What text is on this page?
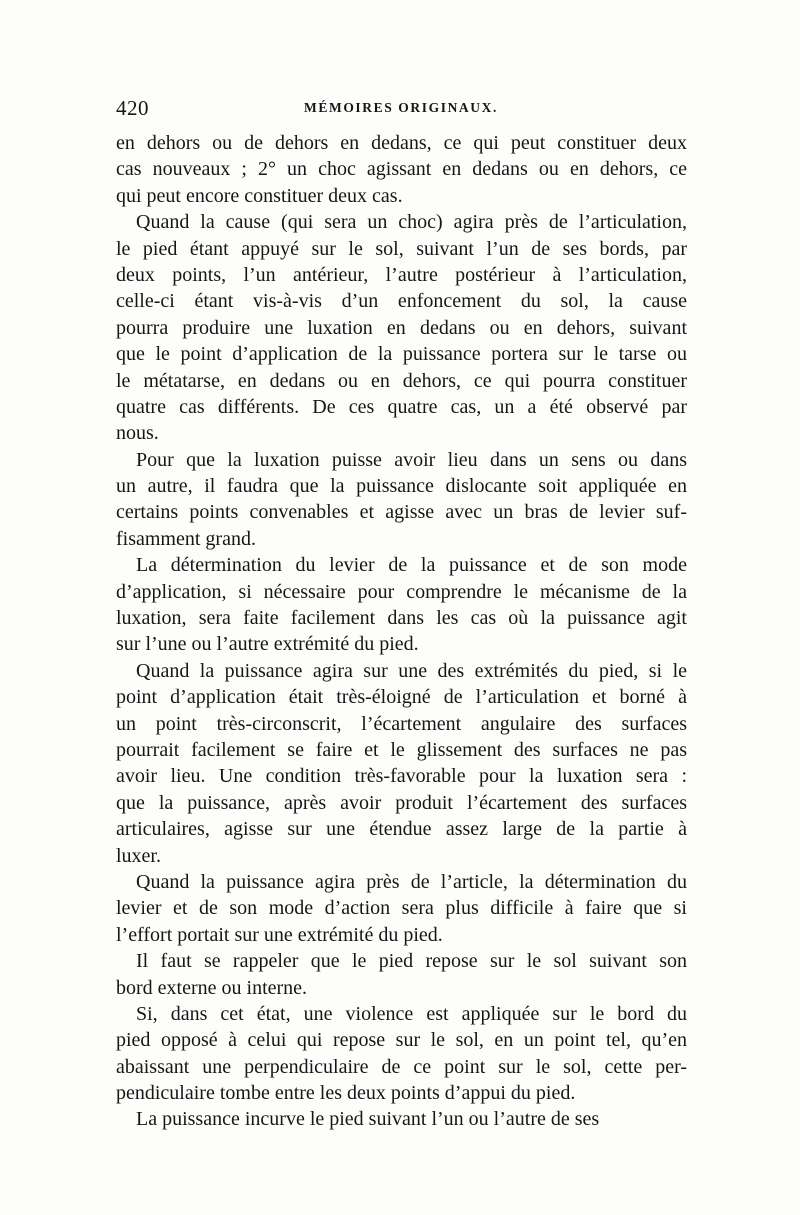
420	MÉMOIRES ORIGINAUX.
en dehors ou de dehors en dedans, ce qui peut constituer deux
cas nouveaux ; 2° un choc agissant en dedans ou en dehors, ce
qui peut encore constituer deux cas.
Quand la cause (qui sera un choc) agira près de l’articulation,
le pied étant appuyé sur le sol, suivant l’un de ses bords, par
deux points, l’un antérieur, l’autre postérieur à l’articulation,
celle-ci étant vis-à-vis d’un enfoncement du sol, la cause
pourra produire une luxation en dedans ou en dehors, suivant
que le point d’application de la puissance portera sur le tarse ou
le métatarse, en dedans ou en dehors, ce qui pourra constituer
quatre cas différents. De ces quatre cas, un a été observé par
nous.
Pour que la luxation puisse avoir lieu dans un sens ou dans
un autre, il faudra que la puissance dislocante soit appliquée en
certains points convenables et agisse avec un bras de levier suf-
fisamment grand.
La détermination du levier de la puissance et de son mode
d’application, si nécessaire pour comprendre le mécanisme de la
luxation, sera faite facilement dans les cas où la puissance agit
sur l’une ou l’autre extrémité du pied.
Quand la puissance agira sur une des extrémités du pied, si le
point d’application était très-éloigné de l’articulation et borné à
un point très-circonscrit, l’écartement angulaire des surfaces
pourrait facilement se faire et le glissement des surfaces ne pas
avoir lieu. Une condition très-favorable pour la luxation sera :
que la puissance, après avoir produit l’écartement des surfaces
articulaires, agisse sur une étendue assez large de la partie à
luxer.
Quand la puissance agira près de l’article, la détermination du
levier et de son mode d’action sera plus difficile à faire que si
l’effort portait sur une extrémité du pied.
Il faut se rappeler que le pied repose sur le sol suivant son
bord externe ou interne.
Si, dans cet état, une violence est appliquée sur le bord du
pied opposé à celui qui repose sur le sol, en un point tel, qu’en
abaissant une perpendiculaire de ce point sur le sol, cette per-
pendiculaire tombe entre les deux points d’appui du pied.
La puissance incurve le pied suivant l’un ou l’autre de ses
